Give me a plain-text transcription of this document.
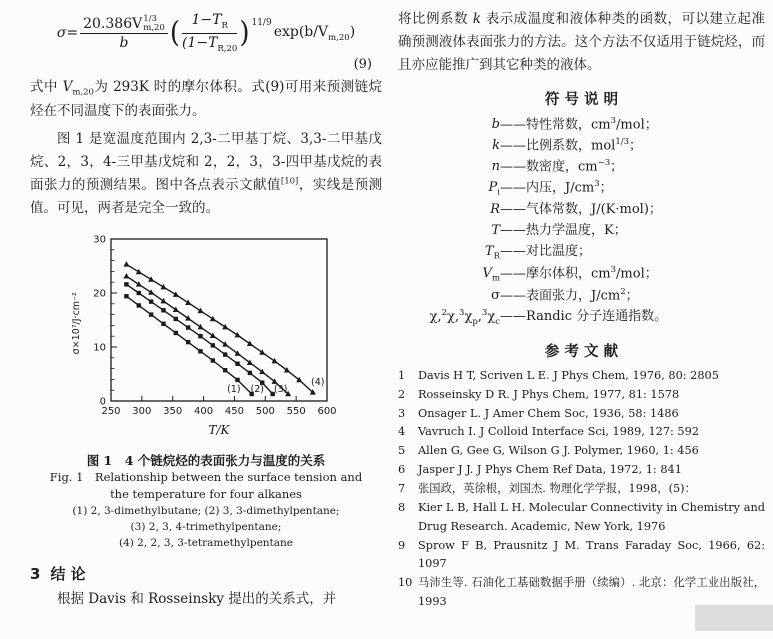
σ= 20.386V 1/3
m,20
b ( $\frac{1-T_R}{(1-T_{R,20}}$ ) 11/9
$\exp(b/V_{m,20})$
(9)

式中 $V_{m,20}$为 293K 时的摩尔体积。式(9)可用来预测链烷烃在不同温度下的表面张力。

图 1 是宽温度范围内 2,3-二甲基丁烷、3,3-二甲基戊烷、2，3，4-三甲基戊烷和 2，2，3，3-四甲基戊烷的表面张力的预测结果。图中各点表示文献值[10]，实线是预测值。可见，两者是完全一致的。

250 300 350 400 450 500 550 600
0
10
20
30
(1) (2) (3)
(4)
T/K
σ×10⁷/J·cm⁻²
图 1　4 个链烷烃的表面张力与温度的关系
Fig. 1　Relationship between the surface tension and
the temperature for four alkanes
(1) 2, 3-dimethylbutane; (2) 3, 3-dimethylpentane;
(3) 2, 3, 4-trimethylpentane;
(4) 2, 2, 3, 3-tetramethylpentane
3 结 论

根据 Davis 和 Rosseinsky 提出的关系式，并

将比例系数 k 表示成温度和液体种类的函数，可以建立起准确预测液体表面张力的方法。这个方法不仅适用于链烷烃，而且亦应能推广到其它种类的液体。

符 号 说 明
b ——特性常数，$cm^3$/mol；
k ——比例系数，mol$^{1/3}$；
n ——数密度，$cm^{-3}$；
$P_i$ ——内压，$J/cm^3$；
R ——气体常数，J/(K·mol)；
T ——热力学温度，K；
$T_R$ ——对比温度；
$V_m$ ——摩尔体积，$cm^3$/mol；
σ ——表面张力，$J/cm^2$；
$\chi,^2\chi,^3\chi_p,^3\chi_c$ ——Randic 分子连通指数。
参 考 文 献
1	Davis H T, Scriven L E. J Phys Chem, 1976, 80: 2805
2	Rosseinsky D R. J Phys Chem, 1977, 81: 1578
3	Onsager L. J Amer Chem Soc, 1936, 58: 1486
4	Vavruch I. J Colloid Interface Sci, 1989, 127: 592
5	Allen G, Gee G, Wilson G J. Polymer, 1960, 1: 456
6	Jasper J J. J Phys Chem Ref Data, 1972, 1: 841
7	张国政，英徐根，刘国杰. 物理化学学报，1998，(5)：
8	Kier L B, Hall L H. Molecular Connectivity in Chemistry and Drug Research. Academic, New York, 1976
9	Sprow F B, Prausnitz J M. Trans Faraday Soc, 1966, 62: 1097
10 马沛生等. 石油化工基础数据手册（续编）. 北京：化学工业出版社，1993
